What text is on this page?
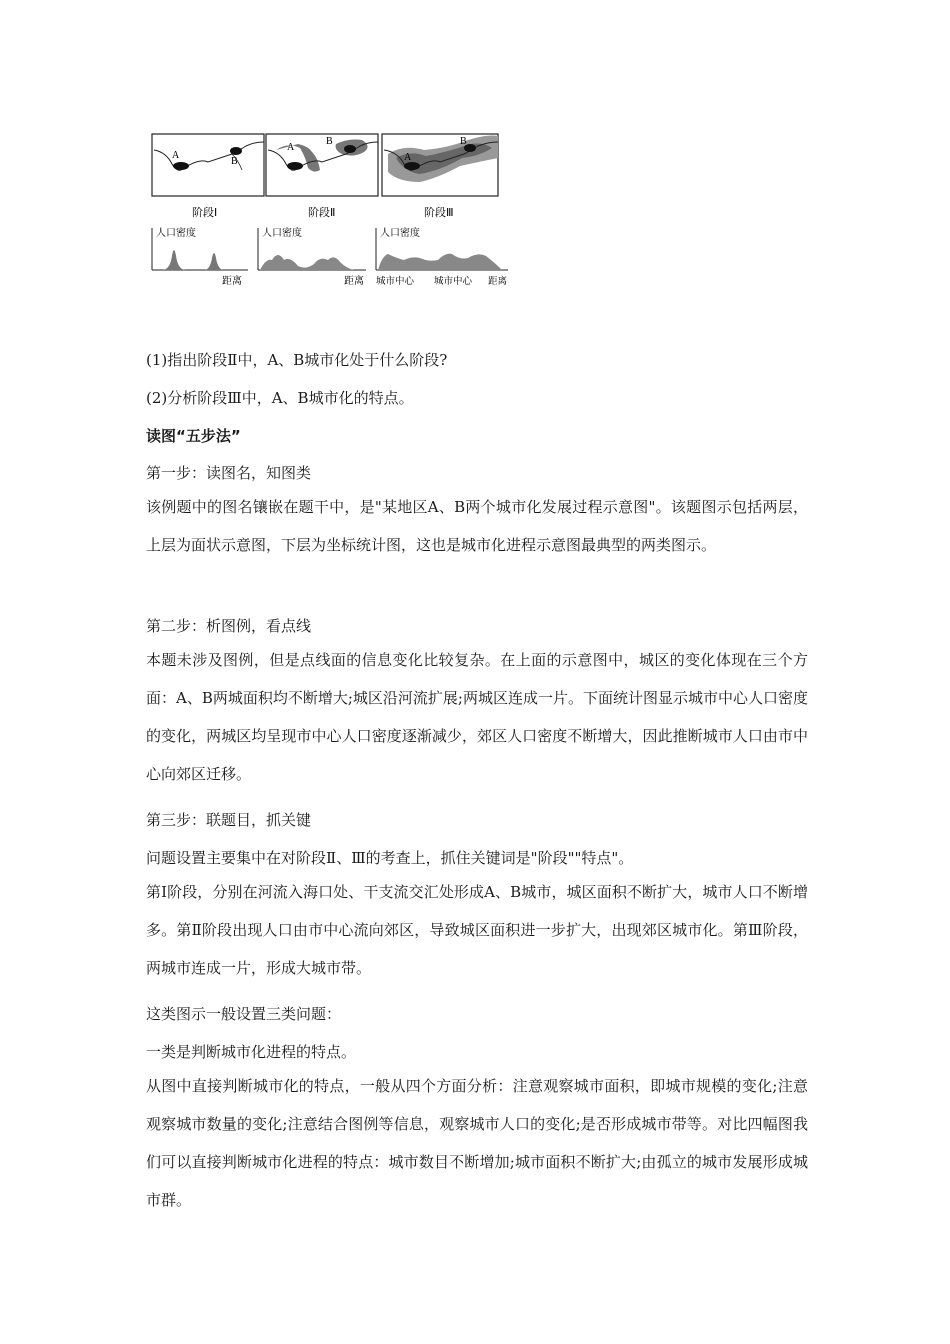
A
B
A
B
A
B
阶段Ⅰ	阶段Ⅱ	阶段Ⅲ
人口密度
距离
人口密度
距离
人口密度
城市中心 城市中心 距离
(1)指出阶段Ⅱ中，A、B城市化处于什么阶段?
(2)分析阶段Ⅲ中，A、B城市化的特点。
读图“五步法”
第一步：读图名，知图类
该例题中的图名镶嵌在题干中，是"某地区A、B两个城市化发展过程示意图"。该题图示包括两层，上层为面状示意图，下层为坐标统计图，这也是城市化进程示意图最典型的两类图示。
第二步：析图例，看点线
本题未涉及图例，但是点线面的信息变化比较复杂。在上面的示意图中，城区的变化体现在三个方面：A、B两城面积均不断增大;城区沿河流扩展;两城区连成一片。下面统计图显示城市中心人口密度的变化，两城区均呈现市中心人口密度逐渐减少，郊区人口密度不断增大，因此推断城市人口由市中心向郊区迁移。
第三步：联题目，抓关键
问题设置主要集中在对阶段Ⅱ、Ⅲ的考查上，抓住关键词是"阶段""特点"。
第Ⅰ阶段，分别在河流入海口处、干支流交汇处形成A、B城市，城区面积不断扩大，城市人口不断增多。第Ⅱ阶段出现人口由市中心流向郊区，导致城区面积进一步扩大，出现郊区城市化。第Ⅲ阶段，两城市连成一片，形成大城市带。
这类图示一般设置三类问题：
一类是判断城市化进程的特点。
从图中直接判断城市化的特点，一般从四个方面分析：注意观察城市面积，即城市规模的变化;注意观察城市数量的变化;注意结合图例等信息，观察城市人口的变化;是否形成城市带等。对比四幅图我们可以直接判断城市化进程的特点：城市数目不断增加;城市面积不断扩大;由孤立的城市发展形成城市群。
